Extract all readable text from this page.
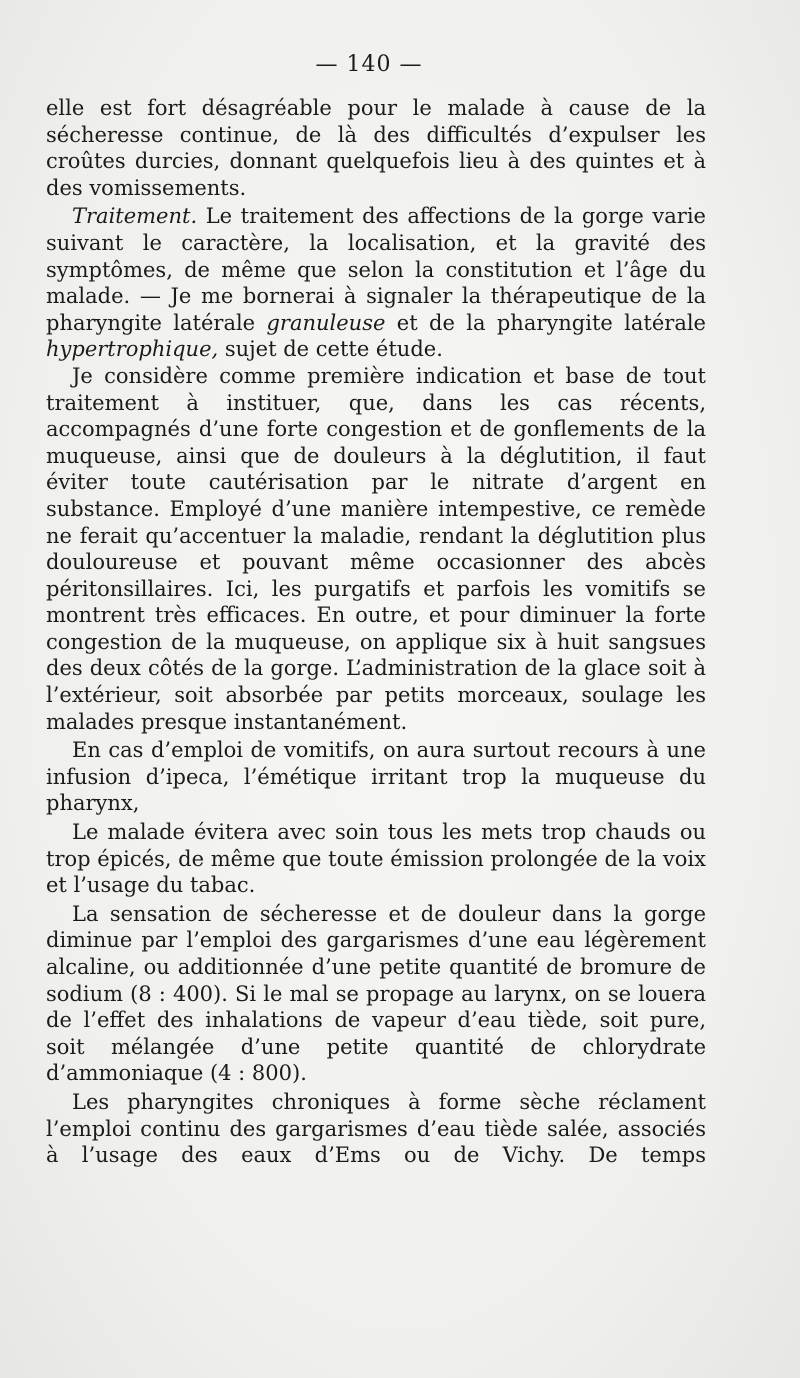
— 140 —

elle est fort désagréable pour le malade à cause de la sécheresse continue, de là des difficultés d’expulser les croûtes durcies, donnant quelquefois lieu à des quintes et à des vomissements.

Traitement. Le traitement des affections de la gorge varie suivant le caractère, la localisation, et la gravité des symptômes, de même que selon la constitution et l’âge du malade. — Je me bornerai à signaler la thérapeutique de la pharyngite latérale granuleuse et de la pharyngite latérale hypertrophique, sujet de cette étude.

Je considère comme première indication et base de tout traitement à instituer, que, dans les cas récents, accompagnés d’une forte congestion et de gonflements de la muqueuse, ainsi que de douleurs à la déglutition, il faut éviter toute cautérisation par le nitrate d’argent en substance. Employé d’une manière intempestive, ce remède ne ferait qu’accentuer la maladie, rendant la déglutition plus douloureuse et pouvant même occasionner des abcès péritonsillaires. Ici, les purgatifs et parfois les vomitifs se montrent très efficaces. En outre, et pour diminuer la forte congestion de la muqueuse, on applique six à huit sangsues des deux côtés de la gorge. L’administration de la glace soit à l’extérieur, soit absorbée par petits morceaux, soulage les malades presque instantanément.

En cas d’emploi de vomitifs, on aura surtout recours à une infusion d’ipeca, l’émétique irritant trop la muqueuse du pharynx,

Le malade évitera avec soin tous les mets trop chauds ou trop épicés, de même que toute émission prolongée de la voix et l’usage du tabac.

La sensation de sécheresse et de douleur dans la gorge diminue par l’emploi des gargarismes d’une eau légèrement alcaline, ou additionnée d’une petite quantité de bromure de sodium (8 : 400). Si le mal se propage au larynx, on se louera de l’effet des inhalations de vapeur d’eau tiède, soit pure, soit mélangée d’une petite quantité de chlorydrate d’ammoniaque (4 : 800).

Les pharyngites chroniques à forme sèche réclament l’emploi continu des gargarismes d’eau tiède salée, associés à l’usage des eaux d’Ems ou de Vichy. De temps
